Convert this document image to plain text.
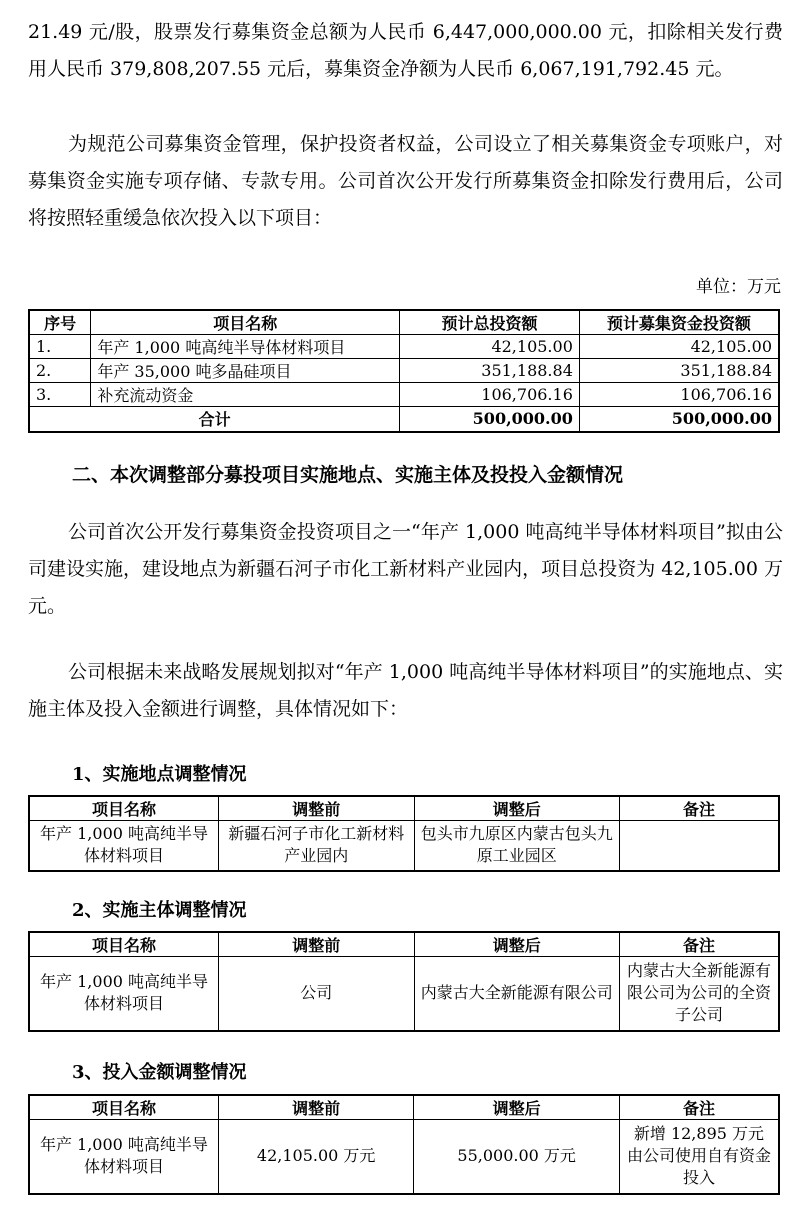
21.49 元/股，股票发行募集资金总额为人民币 6,447,000,000.00 元，扣除相关发行费用人民币 379,808,207.55 元后，募集资金净额为人民币 6,067,191,792.45 元。

为规范公司募集资金管理，保护投资者权益，公司设立了相关募集资金专项账户，对募集资金实施专项存储、专款专用。公司首次公开发行所募集资金扣除发行费用后，公司将按照轻重缓急依次投入以下项目：

单位：万元
序号	项目名称	预计总投资额	预计募集资金投资额
1.	年产 1,000 吨高纯半导体材料项目	42,105.00	42,105.00
2.	年产 35,000 吨多晶硅项目	351,188.84	351,188.84
3.	补充流动资金	106,706.16	106,706.16
合计		500,000.00	500,000.00
二、本次调整部分募投项目实施地点、实施主体及投投入金额情况

公司首次公开发行募集资金投资项目之一“年产 1,000 吨高纯半导体材料项目”拟由公司建设实施，建设地点为新疆石河子市化工新材料产业园内，项目总投资为 42,105.00 万元。

公司根据未来战略发展规划拟对“年产 1,000 吨高纯半导体材料项目”的实施地点、实施主体及投入金额进行调整，具体情况如下：

1、实施地点调整情况
项目名称	调整前	调整后	备注
年产 1,000 吨高纯半导体材料项目	新疆石河子市化工新材料产业园内	包头市九原区内蒙古包头九原工业园区	
2、实施主体调整情况
项目名称	调整前	调整后	备注
年产 1,000 吨高纯半导体材料项目	公司	内蒙古大全新能源有限公司	内蒙古大全新能源有限公司为公司的全资子公司
3、投入金额调整情况
项目名称	调整前	调整后	备注
年产 1,000 吨高纯半导体材料项目	42,105.00 万元	55,000.00 万元	新增 12,895 万元由公司使用自有资金投入
